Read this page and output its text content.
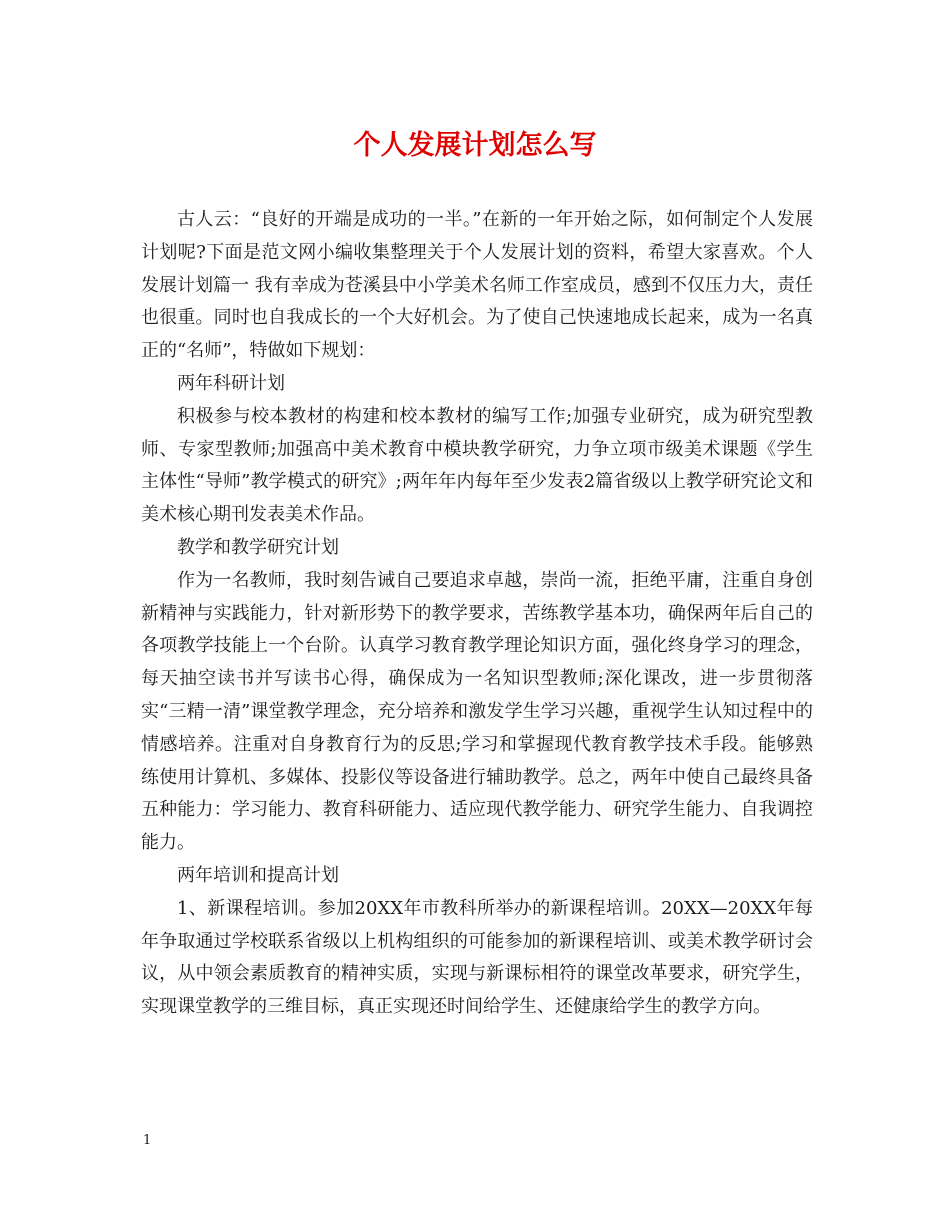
个人发展计划怎么写

古人云：“良好的开端是成功的一半。”在新的一年开始之际，如何制定个人发展计划呢?下面是范文网小编收集整理关于个人发展计划的资料，希望大家喜欢。个人发展计划篇一 我有幸成为苍溪县中小学美术名师工作室成员，感到不仅压力大，责任也很重。同时也自我成长的一个大好机会。为了使自己快速地成长起来，成为一名真正的“名师”，特做如下规划：

两年科研计划

积极参与校本教材的构建和校本教材的编写工作;加强专业研究，成为研究型教师、专家型教师;加强高中美术教育中模块教学研究，力争立项市级美术课题《学生主体性“导师”教学模式的研究》;两年年内每年至少发表2篇省级以上教学研究论文和美术核心期刊发表美术作品。

教学和教学研究计划

作为一名教师，我时刻告诫自己要追求卓越，崇尚一流，拒绝平庸，注重自身创新精神与实践能力，针对新形势下的教学要求，苦练教学基本功，确保两年后自己的各项教学技能上一个台阶。认真学习教育教学理论知识方面，强化终身学习的理念，每天抽空读书并写读书心得，确保成为一名知识型教师;深化课改，进一步贯彻落实“三精一清”课堂教学理念，充分培养和激发学生学习兴趣，重视学生认知过程中的情感培养。注重对自身教育行为的反思;学习和掌握现代教育教学技术手段。能够熟练使用计算机、多媒体、投影仪等设备进行辅助教学。总之，两年中使自己最终具备五种能力：学习能力、教育科研能力、适应现代教学能力、研究学生能力、自我调控能力。

两年培训和提高计划

1、新课程培训。参加20XX年市教科所举办的新课程培训。20XX—20XX年每年争取通过学校联系省级以上机构组织的可能参加的新课程培训、或美术教学研讨会议，从中领会素质教育的精神实质，实现与新课标相符的课堂改革要求，研究学生，实现课堂教学的三维目标，真正实现还时间给学生、还健康给学生的教学方向。

1
